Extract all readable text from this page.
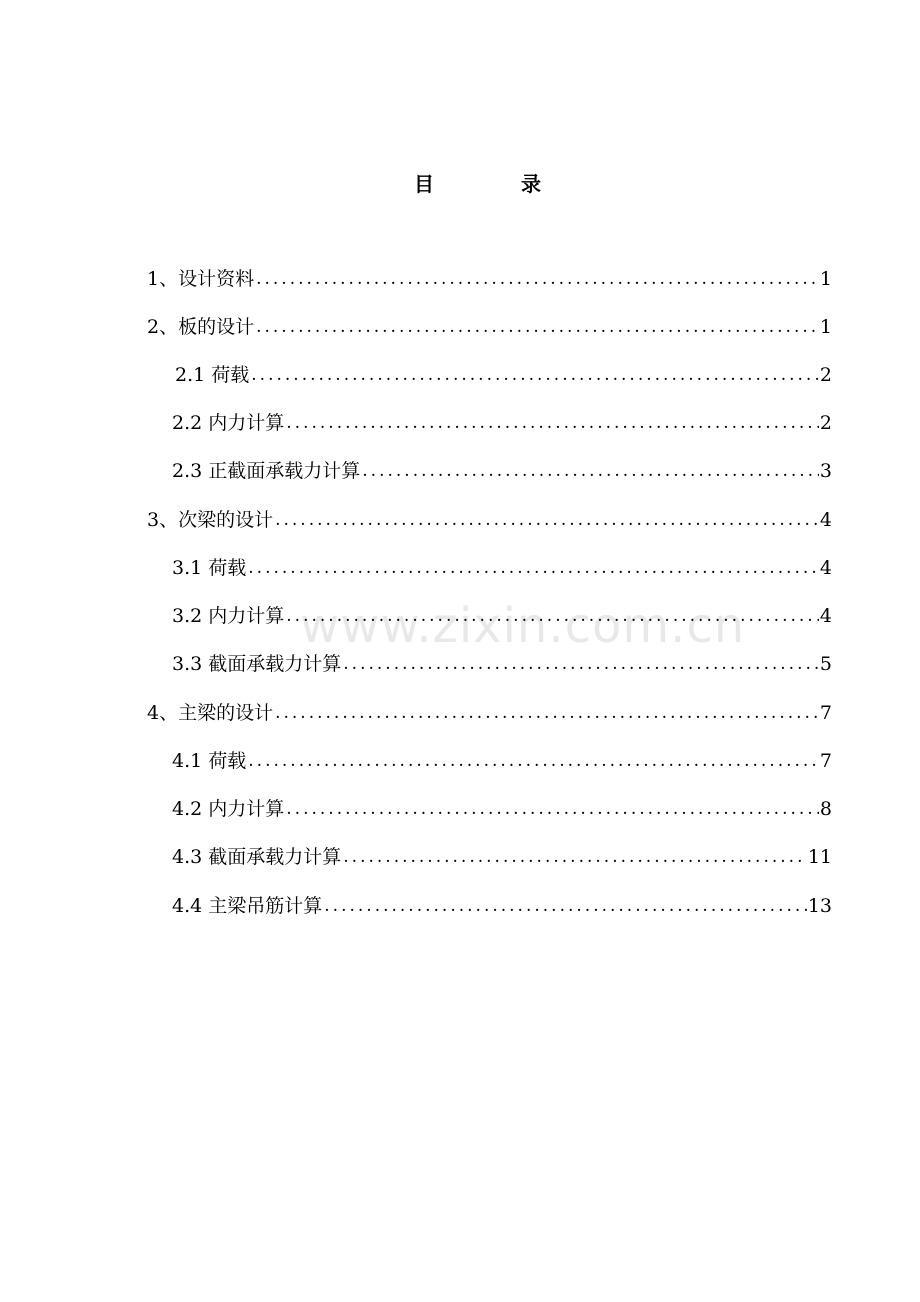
目	录
1、设计资料 .....	1
2、板的设计 .....	1
2.1 荷载 .....	2
2.2 内力计算 .....	2
2.3 正截面承载力计算 .....	3
3、次梁的设计 .....	4
3.1 荷载 .....	4
3.2 内力计算 .....	4
3.3 截面承载力计算 .....	5
4、主梁的设计 .....	7
4.1 荷载 .....	7
4.2 内力计算 .....	8
4.3 截面承载力计算 .....	11
4.4 主梁吊筋计算 .....	13
www.zixin.com.cn
